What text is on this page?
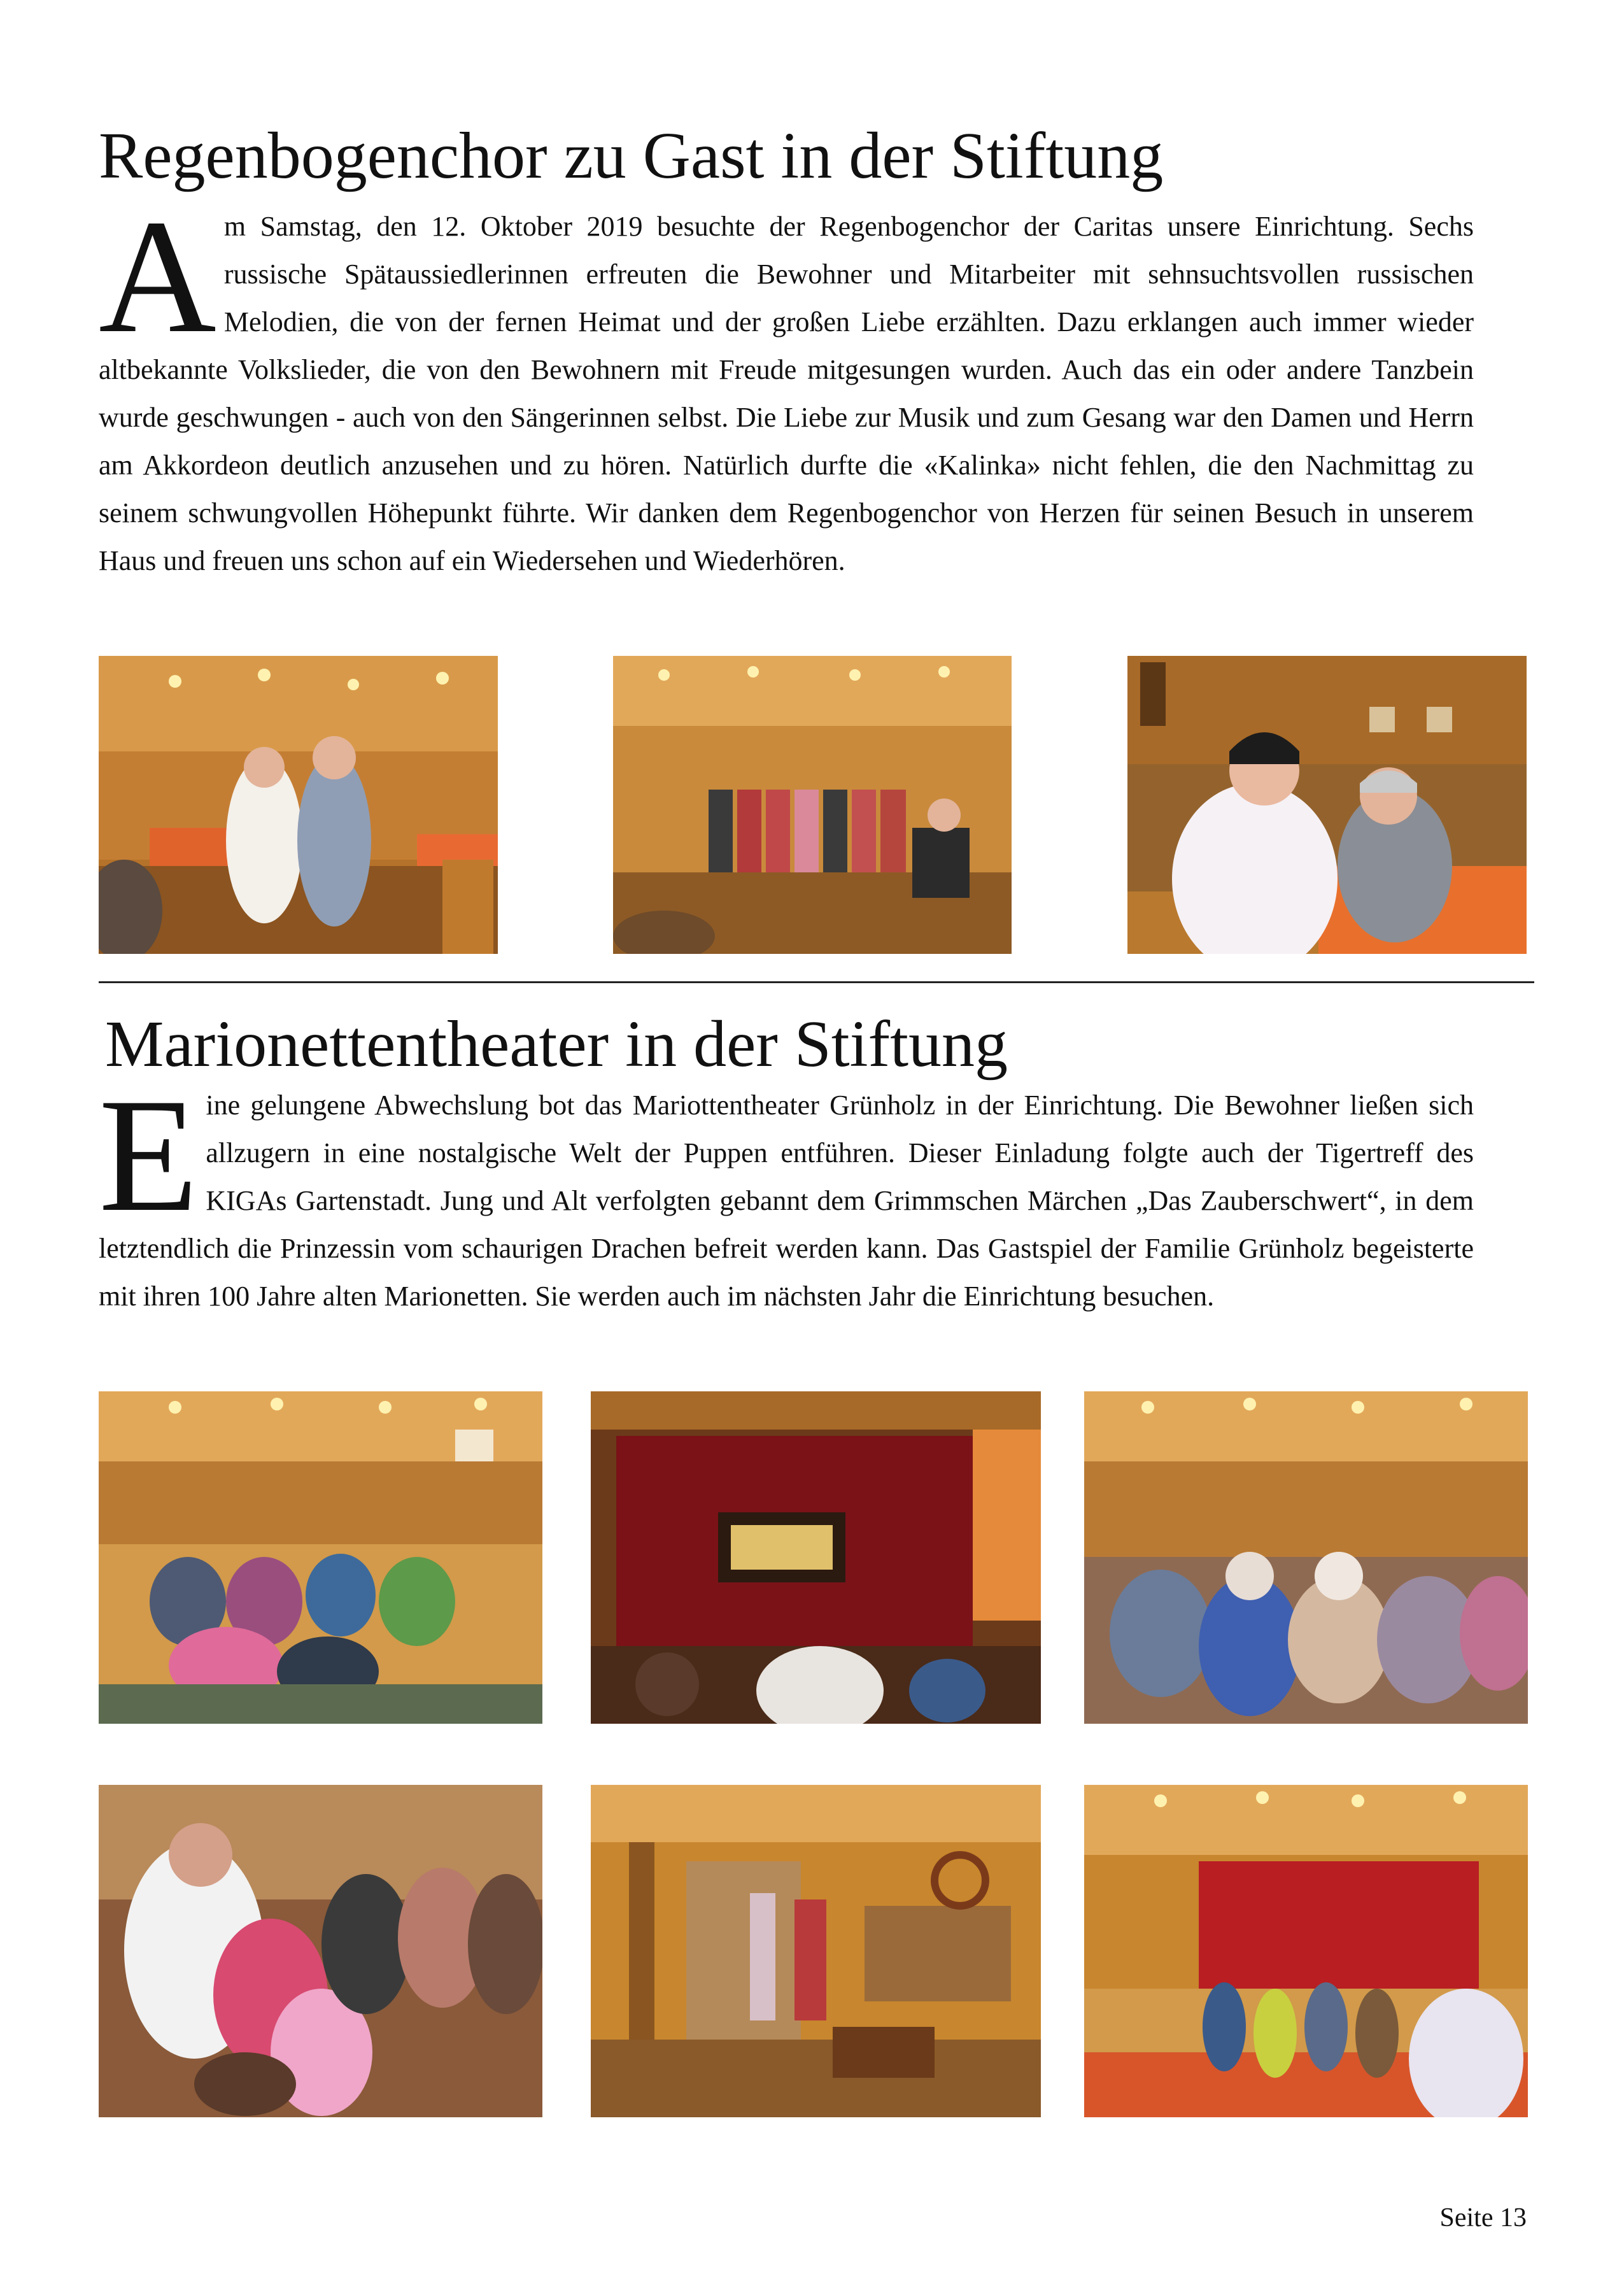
Regenbogenchor zu Gast in der Stiftung
A m Samstag, den 12. Oktober 2019 besuchte der Regenbogenchor der Caritas unsere Einrichtung. Sechs russische Spätaussiedlerinnen erfreuten die Bewohner und Mitarbeiter mit sehnsuchtsvollen russischen Melodien, die von der fernen Heimat und der großen Liebe erzählten. Dazu erklangen auch immer wieder altbekannte Volkslieder, die von den Bewohnern mit Freude mitgesungen wurden. Auch das ein oder andere Tanzbein wurde geschwungen - auch von den Sängerinnen selbst. Die Liebe zur Musik und zum Gesang war den Damen und Herrn am Akkordeon deutlich anzusehen und zu hören. Natürlich durfte die «Kalinka» nicht fehlen, die den Nachmittag zu seinem schwungvollen Höhepunkt führte. Wir danken dem Regenbogenchor von Herzen für seinen Besuch in unserem Haus und freuen uns schon auf ein Wiedersehen und Wiederhören.
Marionettentheater in der Stiftung
E ine gelungene Abwechslung bot das Mariottentheater Grünholz in der Einrichtung. Die Bewohner ließen sich allzugern in eine nostalgische Welt der Puppen entführen. Dieser Einladung folgte auch der Tigertreff des KIGAs Gartenstadt. Jung und Alt verfolgten gebannt dem Grimmschen Märchen „Das Zauberschwert“, in dem letztendlich die Prinzessin vom schaurigen Drachen befreit werden kann. Das Gastspiel der Familie Grünholz begeisterte mit ihren 100 Jahre alten Marionetten. Sie werden auch im nächsten Jahr die Einrichtung besuchen.
Seite 13
